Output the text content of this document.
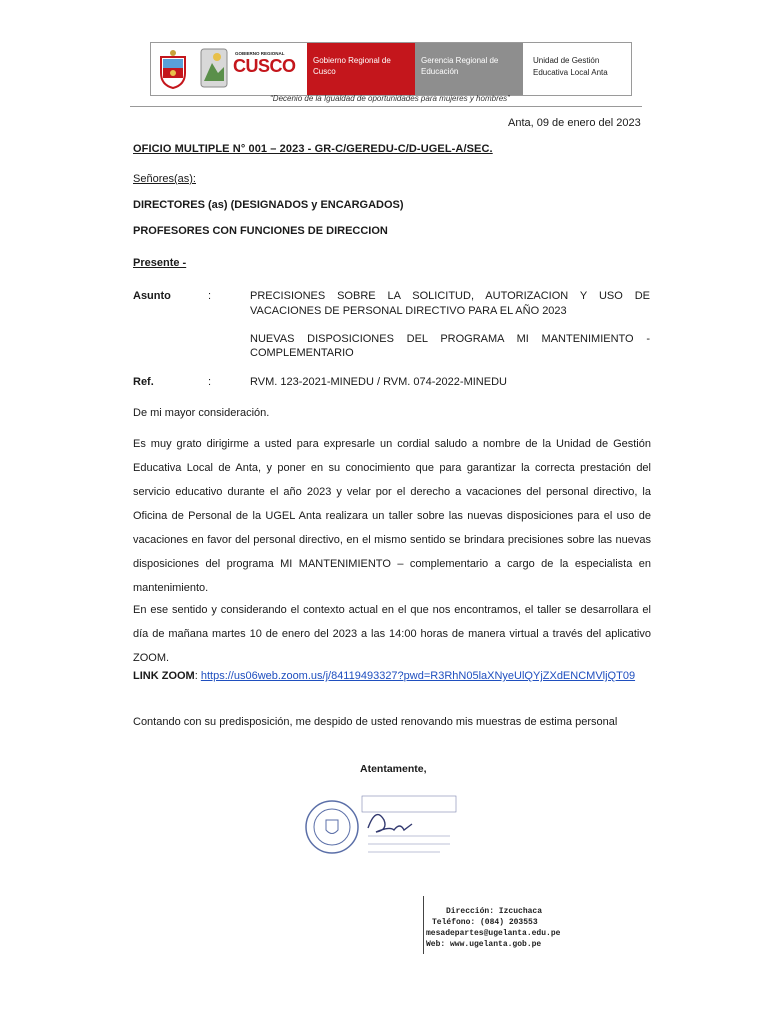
GOBIERNO REGIONAL
CUSCO	Gobierno Regional de Cusco
Gerencia Regional de Educación
Unidad de Gestión Educativa Local Anta
“Decenio de la Igualdad de oportunidades para mujeres y hombres”
Anta, 09 de enero del 2023
OFICIO MULTIPLE N° 001 – 2023 - GR-C/GEREDU-C/D-UGEL-A/SEC.
Señores(as):
DIRECTORES (as) (DESIGNADOS y ENCARGADOS)
PROFESORES CON FUNCIONES DE DIRECCION
Presente -
Asunto	:	PRECISIONES SOBRE LA SOLICITUD, AUTORIZACION Y USO DE VACACIONES DE PERSONAL DIRECTIVO PARA EL AÑO 2023
NUEVAS DISPOSICIONES DEL PROGRAMA MI MANTENIMIENTO -
COMPLEMENTARIO
Ref.	:	RVM. 123-2021-MINEDU / RVM. 074-2022-MINEDU
De mi mayor consideración.
Es muy grato dirigirme a usted para expresarle un cordial saludo a nombre de la Unidad de Gestión Educativa Local de Anta, y poner en su conocimiento que para garantizar la correcta prestación del servicio educativo durante el año 2023 y velar por el derecho a vacaciones del personal directivo, la Oficina de Personal de la UGEL Anta realizara un taller sobre las nuevas disposiciones para el uso de vacaciones en favor del personal directivo, en el mismo sentido se brindara precisiones sobre las nuevas disposiciones del programa MI MANTENIMIENTO – complementario a cargo de la especialista en mantenimiento.
En ese sentido y considerando el contexto actual en el que nos encontramos, el taller se desarrollara el día de mañana martes 10 de enero del 2023 a las 14:00 horas de manera virtual a través del aplicativo ZOOM.
LINK ZOOM: https://us06web.zoom.us/j/84119493327?pwd=R3RhN05laXNyeUlQYjZXdENCMVljQT09
Contando con su predisposición, me despido de usted renovando mis muestras de estima personal
Atentamente,
Dirección: Izcuchaca
Teléfono: (084) 203553
mesadepartes@ugelanta.edu.pe
Web: www.ugelanta.gob.pe
